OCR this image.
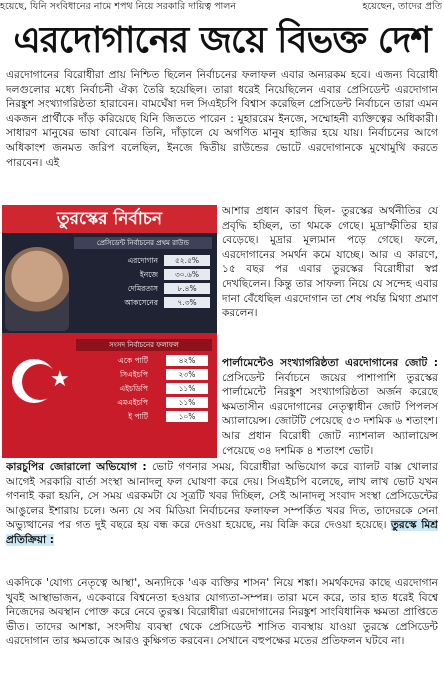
হয়েছে, যিনি সংবিধানের নামে শপথ নিয়ে সরকারি দায়িত্ব পালন	হয়েছেন, তাদের প্রতি
এরদোগানের জয়ে বিভক্ত দেশ

এরদোগানের বিরোধীরা প্রায় নিশ্চিত ছিলেন নির্বাচনের ফলাফল এবার অন্যরকম হবে। এজন্য বিরোধী দলগুলোর মধ্যে নির্বাচনী ঐক্য তৈরি হয়েছিল। তারা ধরেই নিয়েছিলেন এবার প্রেসিডেন্ট এরদোগান নিরঙ্কুশ সংখ্যাগরিষ্ঠতা হারাবেন। বামঘেঁষা দল সিএইচপি বিশ্বাস করেছিল প্রেসিডেন্ট নির্বাচনে তারা এমন একজন প্রার্থীকে দাঁড় করিয়েছে যিনি জিততে পারেন : মুহাররেম ইনজে, সম্মোহনী ব্যক্তিত্বের অধিকারী। সাধারণ মানুষের ভাষা বোঝেন তিনি, দাঁড়ালে যে অগণিত মানুষ হাজির হয়ে যায়। নির্বাচনের আগে অধিকাংশ জনমত জরিপ বলেছিল, ইনজে দ্বিতীয় রাউন্ডের ভোটে এরদোগানকে মুখোমুখি করতে পারবেন। এই

তুরস্কের নির্বাচন
প্রেসিডেন্ট নির্বাচনের প্রথম রাউন্ড
এরদোগান	৫২.৫%
ইনজে	৩০.৬%
দেমিরতাস	৮.৪%
আকসেনের	৭.৩%
★
সংসদ নির্বাচনের ফলাফল
একে পার্টি	৪২%
সিএইচপি	২৩%
এইচডিপি	১১%
এমএইচপি	১১%
ই পার্টি	১০%

আশার প্রধান কারণ ছিল- তুরস্কের অর্থনীতির যে প্রবৃদ্ধি হচ্ছিল, তা থমকে গেছে। মুদ্রাস্ফীতির হার বেড়েছে। মুদ্রার মূল্যমান পড়ে গেছে। ফলে, এরদোগানের সমর্থন কমে যাচ্ছে। আর এ কারণে, ১৫ বছর পর এবার তুরস্কের বিরোধীরা স্বপ্ন দেখছিলেন। কিন্তু তার সাফল্য নিয়ে যে সন্দেহ এবার দানা বেঁধেছিল এরদোগান তা শেষ পর্যন্ত মিথ্যা প্রমাণ করলেন।

পার্লামেন্টেও সংখ্যাগরিষ্ঠতা এরদোগানের জোট : প্রেসিডেন্ট নির্বাচনে জয়ের পাশাপাশি তুরস্কের পার্লামেন্টে নিরঙ্কুশ সংখ্যাগরিষ্ঠতা অর্জন করেছে ক্ষমতাসীন এরদোগানের নেতৃত্বাধীন জোট পিপলস অ্যালায়েন্স। জোটটি পেয়েছে ৫৩ দশমিক ৬ শতাংশ। আর প্রধান বিরোধী জোট ন্যাশনাল অ্যালায়েন্স পেয়েছে ৩৪ দশমিক ৪ শতাংশ ভোট।

কারচুপির জোরালো অভিযোগ : ভোট গণনার সময়, বিরোধীরা অভিযোগ করে ব্যালট বাক্স খোলার আগেই সরকারি বার্তা সংস্থা আনাদলু ফল ঘোষণা করে দেয়। সিএইচপি বলেছে, লাখ লাখ ভোট যখন গণনাই করা হয়নি, সে সময় এরকমটা যে সূত্রটি খবর দিচ্ছিল, সেই আনাদলু সংবাদ সংস্থা প্রেসিডেন্টের আঙুলের ইশারায় চলে। অন্য যে সব মিডিয়া নির্বাচনের ফলাফল সম্পর্কিত খবর দিত, তাদেরকে সেনা অভ্যুত্থানের পর গত দুই বছরে হয় বন্ধ করে দেওয়া হয়েছে, নয় বিক্রি করে দেওয়া হয়েছে। তুরস্কে মিশ্র প্রতিক্রিয়া :

একদিকে 'যোগ্য নেতৃত্বে আস্থা', অন্যদিকে 'এক ব্যক্তির শাসন' নিয়ে শঙ্কা। সমর্থকদের কাছে এরদোগান খুবই আস্থাভাজন, একেবারে বিশ্বনেতা হওয়ার যোগ্যতা-সম্পন্ন। তারা মনে করে, তার হাত ধরেই বিশ্বে নিজেদের অবস্থান পোক্ত করে নেবে তুরস্ক। বিরোধীরা এরদোগানের নিরঙ্কুশ সাংবিধানিক ক্ষমতা প্রাপ্তিতে ভীত। তাদের আশঙ্কা, সংসদীয় ব্যবস্থা থেকে প্রেসিডেন্ট শাসিত ব্যবস্থায় যাওয়া তুরস্কে প্রেসিডেন্ট এরদোগান তার ক্ষমতাকে আরও কুক্ষিগত করবেন। সেখানে বহুপক্ষের মতের প্রতিফলন ঘটবে না।
